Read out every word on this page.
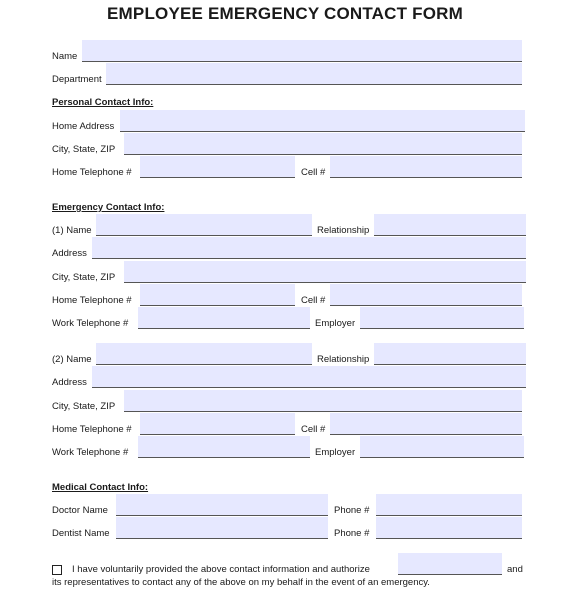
EMPLOYEE EMERGENCY CONTACT FORM
Name
Department
Personal Contact Info:
Home Address
City, State, ZIP
Home Telephone #	Cell #
Emergency Contact Info:
(1) Name	Relationship
Address
City, State, ZIP
Home Telephone #	Cell #
Work Telephone #	Employer
(2) Name	Relationship
Address
City, State, ZIP
Home Telephone #	Cell #
Work Telephone #	Employer
Medical Contact Info:
Doctor Name	Phone #
Dentist Name	Phone #
I have voluntarily provided the above contact information and authorize	and
its representatives to contact any of the above on my behalf in the event of an emergency.
